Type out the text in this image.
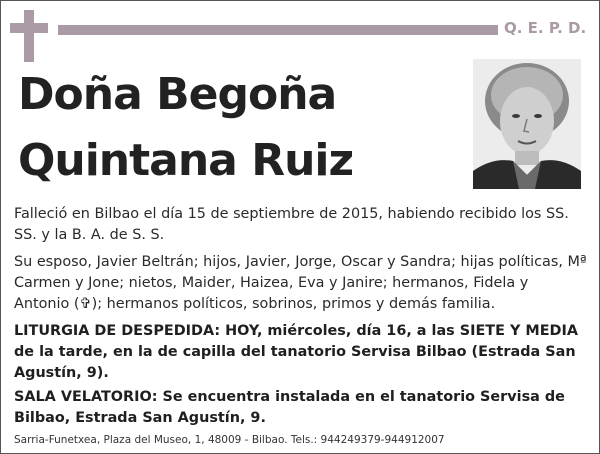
Q. E. P. D.
Doña Begoña
Quintana Ruiz
Falleció en Bilbao el día 15 de septiembre de 2015, habiendo recibido los SS. SS. y la B. A. de S. S.
Su esposo, Javier Beltrán; hijos, Javier, Jorge, Oscar y Sandra; hijas políticas, Mª Carmen y Jone; nietos, Maider, Haizea, Eva y Janire; hermanos, Fidela y Antonio (✞); hermanos políticos, sobrinos, primos y demás familia.
LITURGIA DE DESPEDIDA: HOY, miércoles, día 16, a las SIETE Y MEDIA de la tarde, en la de capilla del tanatorio Servisa Bilbao (Estrada San Agustín, 9).
SALA VELATORIO: Se encuentra instalada en el tanatorio Servisa de Bilbao, Estrada San Agustín, 9.
Sarria-Funetxea, Plaza del Museo, 1, 48009 - Bilbao. Tels.: 944249379-944912007
